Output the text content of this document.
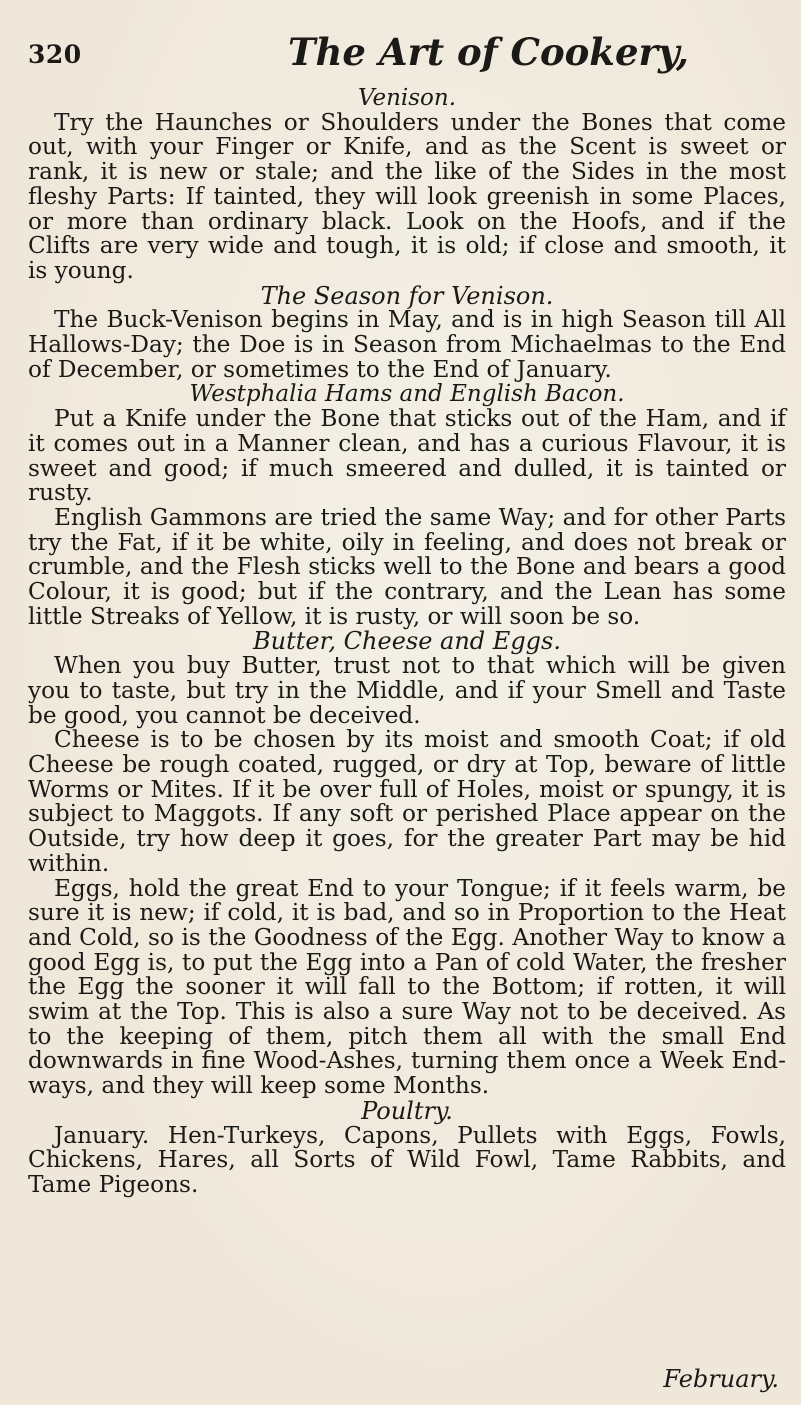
320	The Art of Cookery,
Venison.

Try the Haunches or Shoulders under the Bones that come out, with your Finger or Knife, and as the Scent is sweet or rank, it is new or stale; and the like of the Sides in the most fleshy Parts: If tainted, they will look greenish in some Places, or more than ordinary black. Look on the Hoofs, and if the Clifts are very wide and tough, it is old; if close and smooth, it is young.

The Season for Venison.

The Buck-Venison begins in May, and is in high Season till All Hallows-Day; the Doe is in Season from Michaelmas to the End of December, or sometimes to the End of January.

Westphalia Hams and English Bacon.

Put a Knife under the Bone that sticks out of the Ham, and if it comes out in a Manner clean, and has a curious Flavour, it is sweet and good; if much smeered and dulled, it is tainted or rusty.

English Gammons are tried the same Way; and for other Parts try the Fat, if it be white, oily in feeling, and does not break or crumble, and the Flesh sticks well to the Bone and bears a good Colour, it is good; but if the contrary, and the Lean has some little Streaks of Yellow, it is rusty, or will soon be so.

Butter, Cheese and Eggs.

When you buy Butter, trust not to that which will be given you to taste, but try in the Middle, and if your Smell and Taste be good, you cannot be deceived.

Cheese is to be chosen by its moist and smooth Coat; if old Cheese be rough coated, rugged, or dry at Top, beware of little Worms or Mites. If it be over full of Holes, moist or spungy, it is subject to Maggots. If any soft or perished Place appear on the Outside, try how deep it goes, for the greater Part may be hid within.

Eggs, hold the great End to your Tongue; if it feels warm, be sure it is new; if cold, it is bad, and so in Proportion to the Heat and Cold, so is the Goodness of the Egg. Another Way to know a good Egg is, to put the Egg into a Pan of cold Water, the fresher the Egg the sooner it will fall to the Bottom; if rotten, it will swim at the Top. This is also a sure Way not to be deceived. As to the keeping of them, pitch them all with the small End downwards in fine Wood-Ashes, turning them once a Week End-ways, and they will keep some Months.

Poultry.

January. Hen-Turkeys, Capons, Pullets with Eggs, Fowls, Chickens, Hares, all Sorts of Wild Fowl, Tame Rabbits, and Tame Pigeons.

February.
